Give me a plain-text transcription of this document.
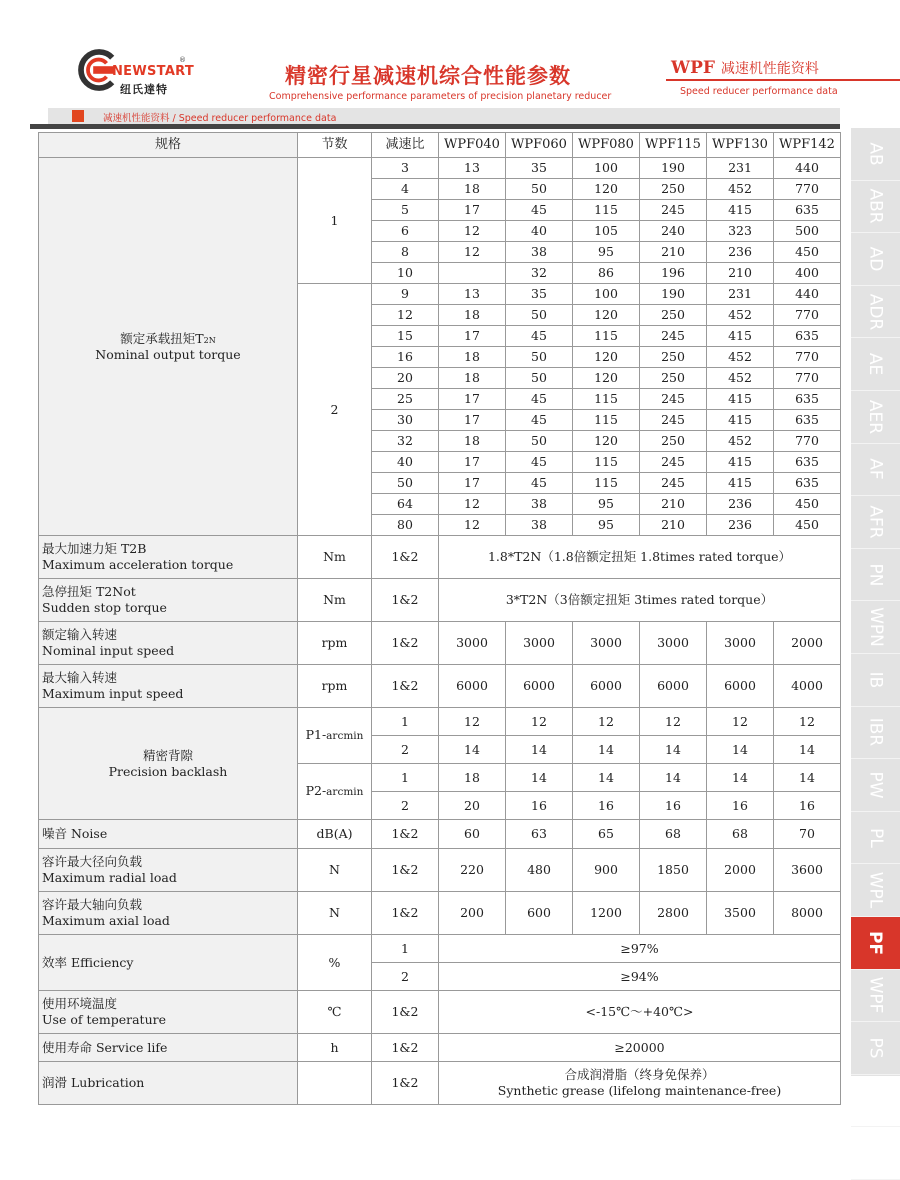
NEWSTART
®
纽氏達特
精密行星减速机综合性能参数
Comprehensive performance parameters of precision planetary reducer
WPF 减速机性能资料
Speed reducer performance data
减速机性能资料 / Speed reducer performance data
规格	节数	减速比	WPF040	WPF060	WPF080	WPF115	WPF130	WPF142
额定承载扭矩T2N
Nominal output torque	1	3	13	35	100	190	231	440
		4	18	50	120	250	452	770
		5	17	45	115	245	415	635
		6	12	40	105	240	323	500
		8	12	38	95	210	236	450
		10		32	86	196	210	400
	2	9	13	35	100	190	231	440
		12	18	50	120	250	452	770
		15	17	45	115	245	415	635
		16	18	50	120	250	452	770
		20	18	50	120	250	452	770
		25	17	45	115	245	415	635
		30	17	45	115	245	415	635
		32	18	50	120	250	452	770
		40	17	45	115	245	415	635
		50	17	45	115	245	415	635
		64	12	38	95	210	236	450
		80	12	38	95	210	236	450

最大加速力矩 T2B
Maximum acceleration torque	Nm	1&2	1.8*T2N（1.8倍额定扭矩 1.8times rated torque）					

急停扭矩 T2Not
Sudden stop torque	Nm	1&2	3*T2N（3倍额定扭矩 3times rated torque）					

额定输入转速
Nominal input speed	rpm	1&2	3000	3000	3000	3000	3000	2000

最大输入转速
Maximum input speed	rpm	1&2	6000	6000	6000	6000	6000	4000
精密背隙
Precision backlash	P1-arcmin	1	12	12	12	12	12	12
		2	14	14	14	14	14	14
	P2-arcmin	1	18	14	14	14	14	14
		2	20	16	16	16	16	16

噪音 Noise	dB(A)	1&2	60	63	65	68	68	70

容许最大径向负载
Maximum radial load	N	1&2	220	480	900	1850	2000	3600

容许最大轴向负载
Maximum axial load	N	1&2	200	600	1200	2800	3500	8000

效率 Efficiency	%	1	≥97%					
		2	≥94%					

使用环境温度
Use of temperature	℃	1&2	<-15℃～+40℃>					

使用寿命 Service life	h	1&2	≥20000					

润滑 Lubrication		1&2	合成润滑脂（终身免保养）
Synthetic grease (lifelong maintenance-free)					
AB
ABR
AD
ADR
AE
AER
AF
AFR
PN
WPN
IB
IBR
PW
PL
WPL
PF
WPF
PS
WPS
NTX
